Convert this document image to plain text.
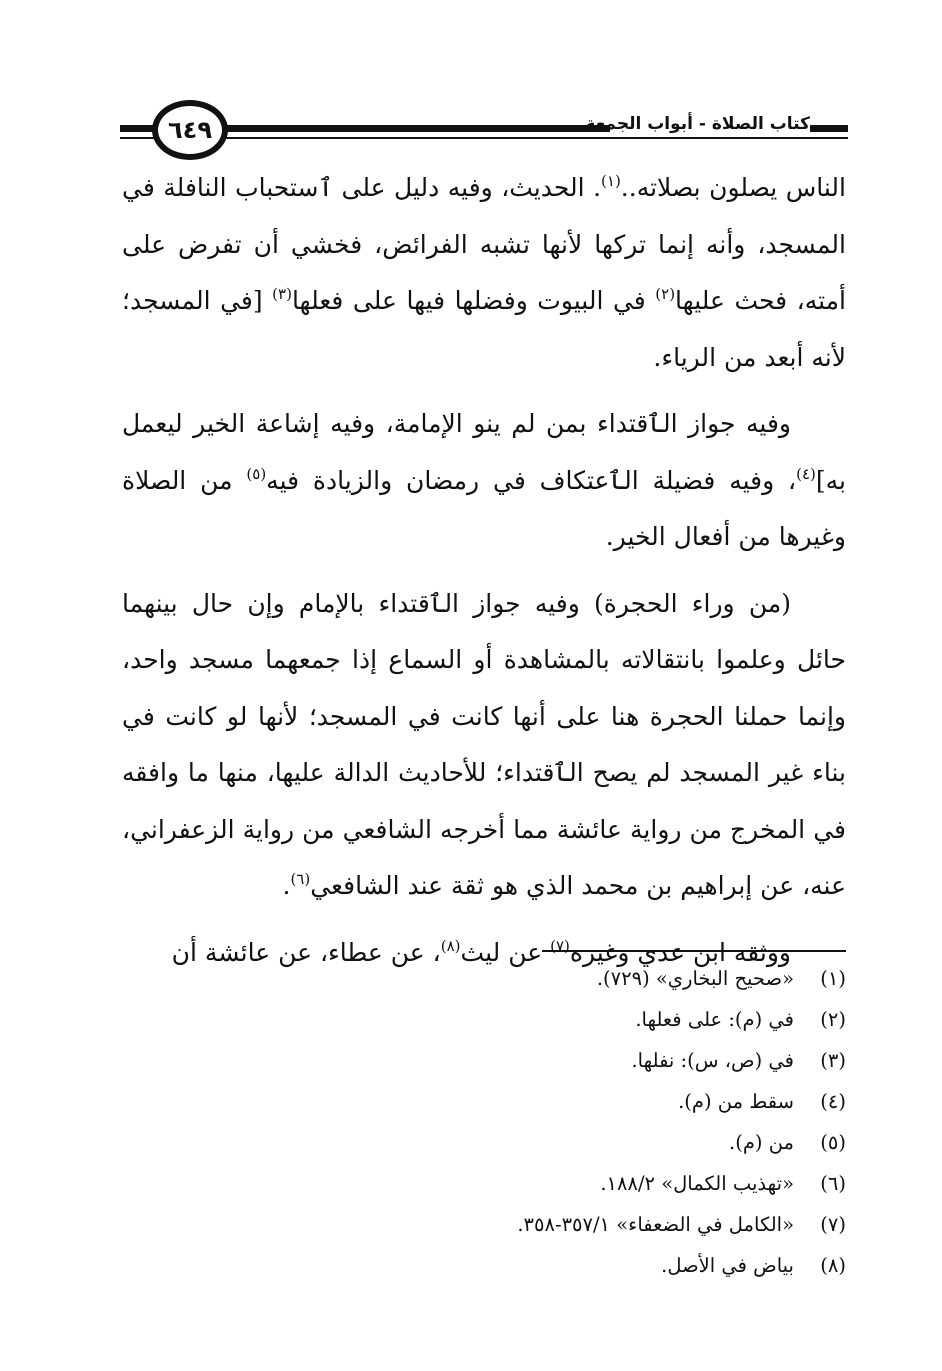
٦٤٩	كتاب الصلاة - أبواب الجمعة

الناس يصلون بصلاته..$^{(١)}$. الحديث، وفيه دليل على ٱستحباب النافلة في المسجد، وأنه إنما تركها لأنها تشبه الفرائض، فخشي أن تفرض على أمته، فحث عليها$^{(٢)}$ في البيوت وفضلها فيها على فعلها$^{(٣)}$ [في المسجد؛ لأنه أبعد من الرياء.

وفيه جواز الٱقتداء بمن لم ينو الإمامة، وفيه إشاعة الخير ليعمل به]$^{(٤)}$، وفيه فضيلة الٱعتكاف في رمضان والزيادة فيه$^{(٥)}$ من الصلاة وغيرها من أفعال الخير.

(من وراء الحجرة) وفيه جواز الٱقتداء بالإمام وإن حال بينهما حائل وعلموا بانتقالاته بالمشاهدة أو السماع إذا جمعهما مسجد واحد، وإنما حملنا الحجرة هنا على أنها كانت في المسجد؛ لأنها لو كانت في بناء غير المسجد لم يصح الٱقتداء؛ للأحاديث الدالة عليها، منها ما وافقه في المخرج من رواية عائشة مما أخرجه الشافعي من رواية الزعفراني، عنه، عن إبراهيم بن محمد الذي هو ثقة عند الشافعي$^{(٦)}$.

ووثقه ابن عدي وغيره$^{(٧)}$ عن ليث$^{(٨)}$، عن عطاء، عن عائشة أن

(١)
«صحيح البخاري» (٧٢٩).
(٢)
في (م): على فعلها.
(٣)
في (ص، س): نفلها.
(٤)
سقط من (م).
(٥)
من (م).
(٦)
«تهذيب الكمال» ١٨٨/٢.
(٧)
«الكامل في الضعفاء» ٣٥٧/١-٣٥٨.
(٨)
بياض في الأصل.
